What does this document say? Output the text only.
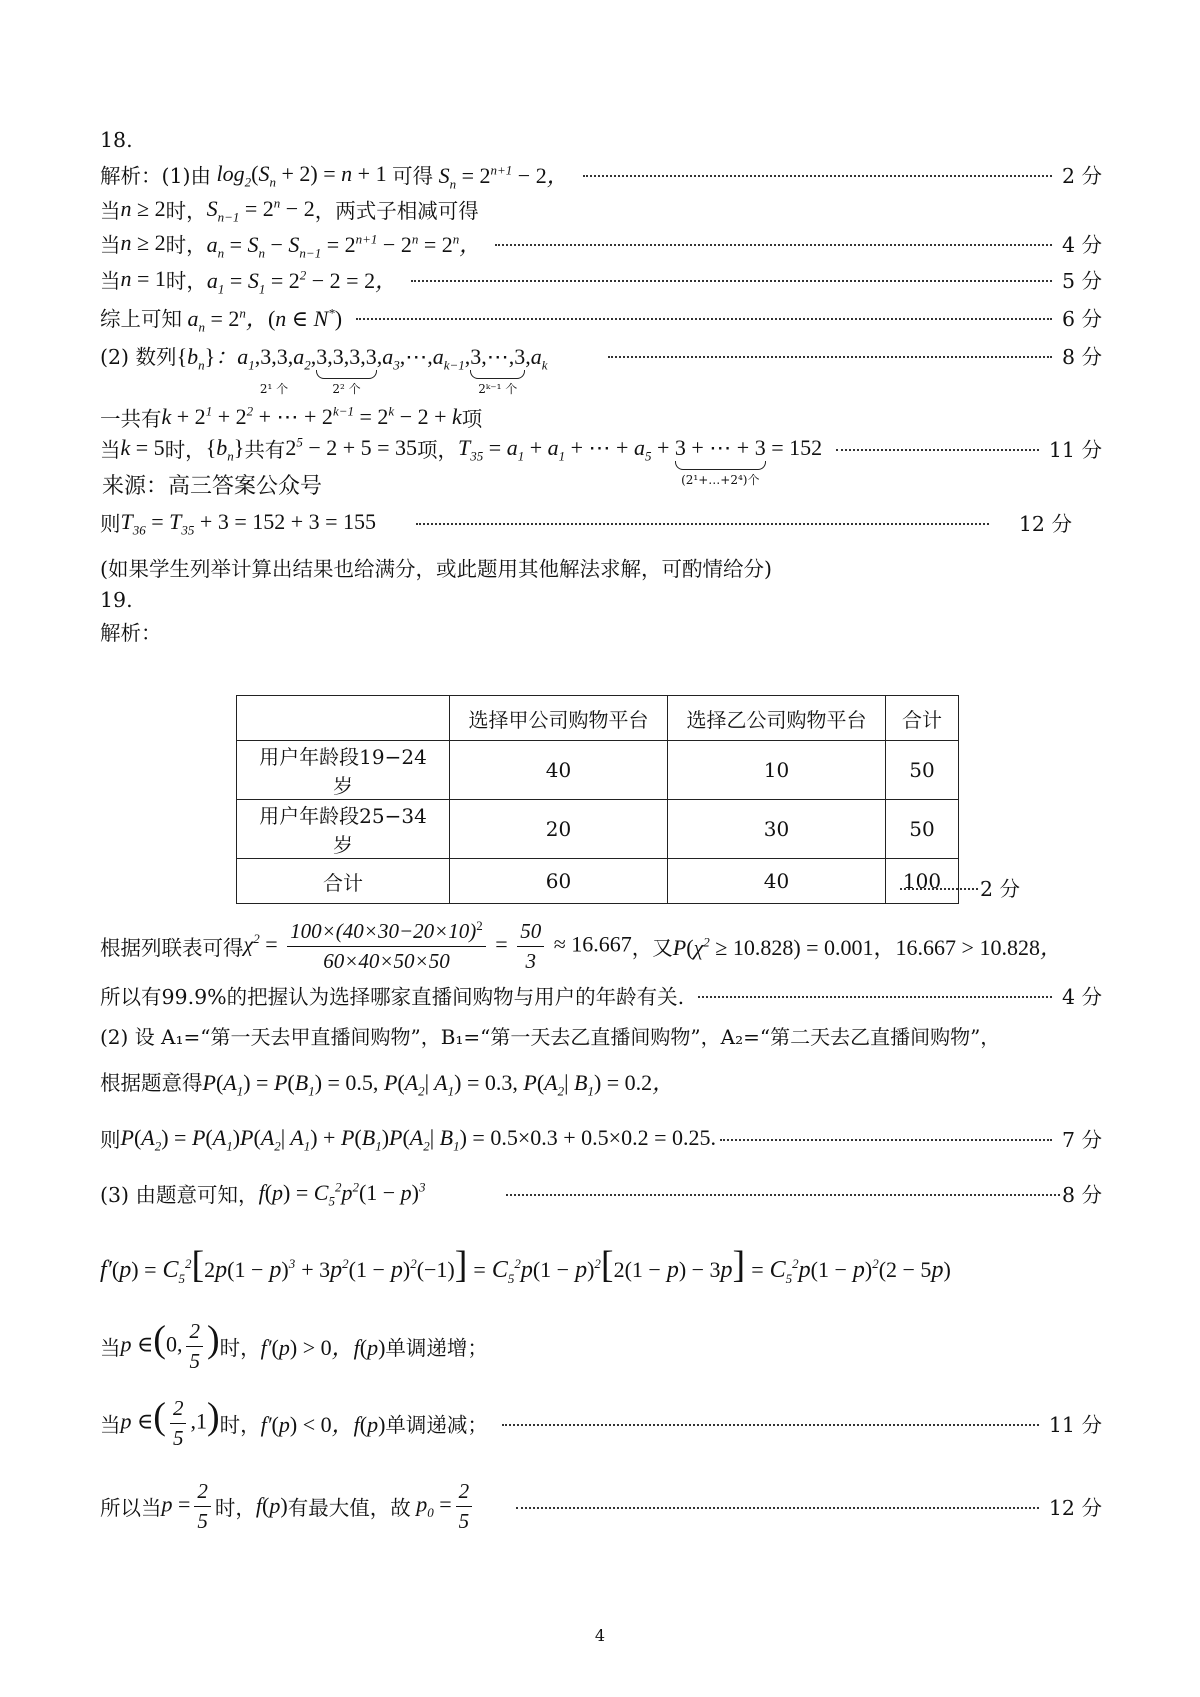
18.
解析：(1)由 $\log_2(S_n + 2) = n + 1$ 可得 $S_n = 2^{n+1} - 2$，	2 分
当 n ≥ 2 时， $S_{n-1} = 2^n - 2$ ，两式子相减可得
当 n ≥ 2 时， $a_n = S_n - S_{n-1} = 2^{n+1} - 2^n = 2^n$，	4 分
当 n = 1 时， $a_1 = S_1 = 2^2 - 2 = 2$，	5 分
综上可知 $a_n = 2^n$，(n ∈ N*)	6 分
(2) 数列 $\{b_n\}$：$a_1,3,3$
2¹ 个
$,a_2,3,3,3,3$
2² 个
$,a_3,\cdots,a_{k-1},3,\cdots,3$
2ᵏ⁻¹ 个
$,a_k$	8 分
一共有 $k + 2^1 + 2^2$ + ⋯ + $2^{k-1} = 2^k - 2 + k$ 项
当 k = 5 时， $\{b_n\}$ 共有 $2^5 - 2 + 5 = 35$ 项， $T_{35} = a_1 + a_1$ + ⋯ + $a_5 + 3$ + ⋯ + 3
(2¹+…+2⁴)个
= 152	11 分
来源：高三答案公众号
则 $T_{36} = T_{35} + 3 = 152 + 3 = 155$	12 分
(如果学生列举计算出结果也给满分，或此题用其他解法求解，可酌情给分)
19.
解析：
	选择甲公司购物平台	选择乙公司购物平台	合计
用户年龄段19−24 岁	40	10	50
用户年龄段25−34 岁	20	30	50
合计	60	40	100 2 分
根据列联表可得 $\chi^2 = \frac{100\times(40\times 30-20\times 10)^2}{60\times 40\times 50\times 50} = \frac{50}{3} \approx 16.667$ ，又 $P(\chi^2 \ge 10.828) = 0.001$，16.667 > 10.828，
所以有99.9%的把握认为选择哪家直播间购物与用户的年龄有关.	4 分
(2) 设 A₁=“第一天去甲直播间购物”，B₁=“第一天去乙直播间购物”，A₂=“第二天去乙直播间购物”，
根据题意得 $P(A_1) = P(B_1) = 0.5$, $P(A_2|$ $A_1) = 0.3$, $P(A_2|$ $B_1) = 0.2$，
则 $P(A_2) = P(A_1)P(A_2|$ $A_1) + P(B_1)P(A_2|$ $B_1) = 0.5\times 0.3 + 0.5\times 0.2 = 0.25$.	7 分
(3) 由题意可知， $f(p) = C_5^2p^2(1 - p)^3$	8 分
$f'(p) = C_5^2[2p(1 - p)^3 + 3p^2(1 - p)^2(-1)] = C_5^2p(1 - p)^2[2(1 - p) - 3p] = C_5^2p(1 - p)^2(2 - 5p)$
当 p ∈(0, $\frac{2}{5}$ ) 时， f′(p) > 0，f(p) 单调递增；
当 p ∈( $\frac{2}{5} ,1$) 时， f′(p) < 0，f(p) 单调递减；	11 分
所以当 $p = \frac{2}{5}$ 时， f(p) 有最大值，故 $p_0 = \frac{2}{5}$	12 分
4
